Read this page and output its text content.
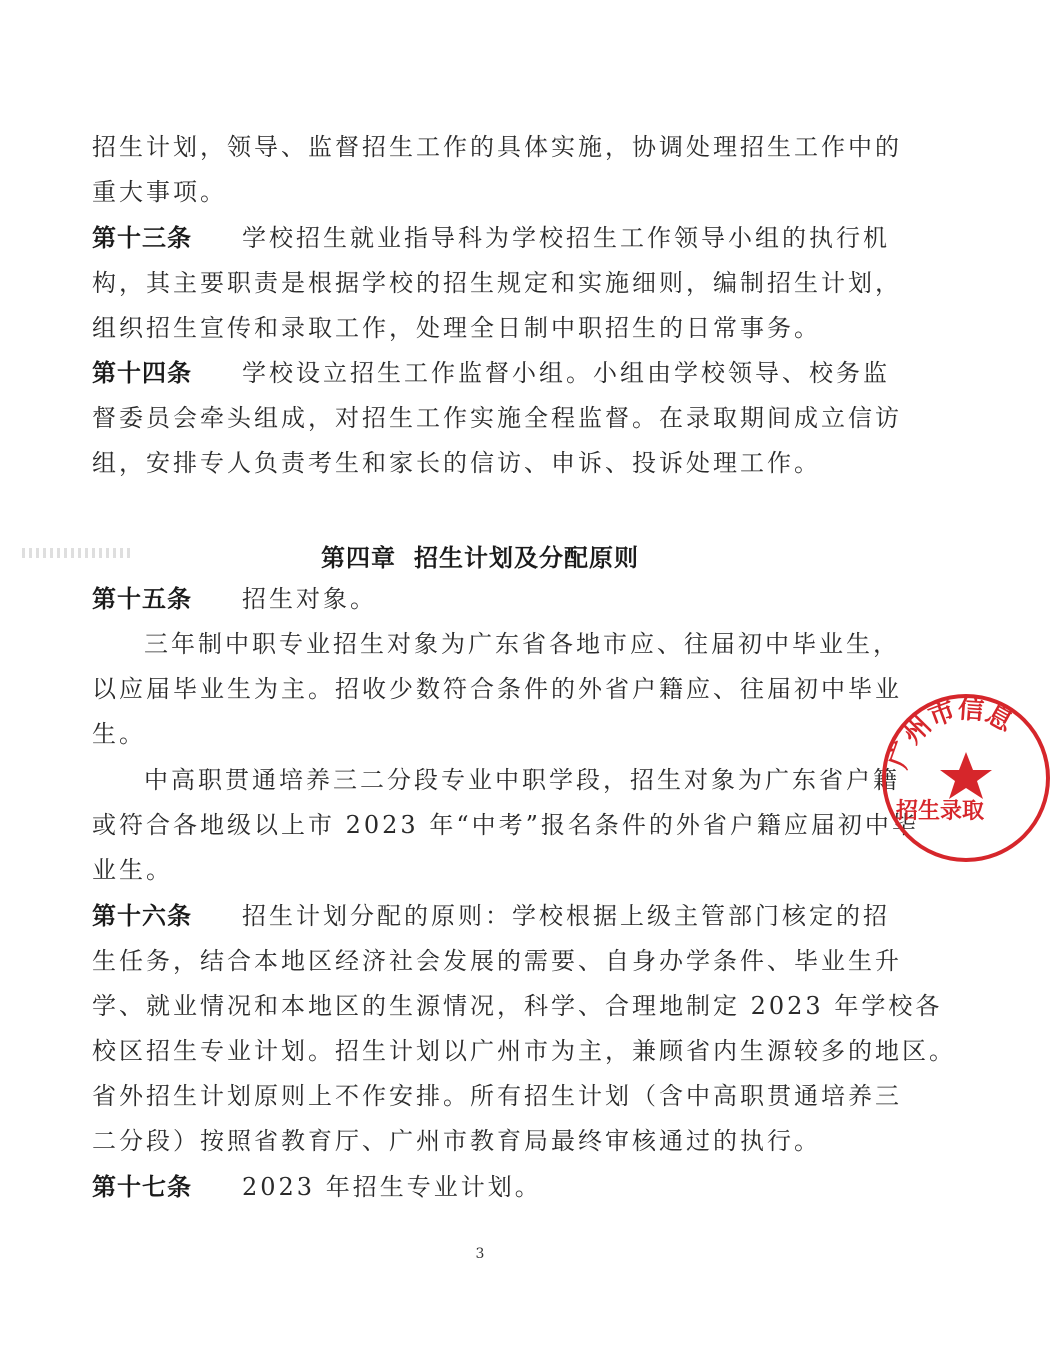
招生计划，领导、监督招生工作的具体实施，协调处理招生工作中的
重大事项。
第十三条 学校招生就业指导科为学校招生工作领导小组的执行机
构，其主要职责是根据学校的招生规定和实施细则，编制招生计划，
组织招生宣传和录取工作，处理全日制中职招生的日常事务。
第十四条 学校设立招生工作监督小组。小组由学校领导、校务监
督委员会牵头组成，对招生工作实施全程监督。在录取期间成立信访
组，安排专人负责考生和家长的信访、申诉、投诉处理工作。
第四章 招生计划及分配原则
第十五条 招生对象。
三年制中职专业招生对象为广东省各地市应、往届初中毕业生，
以应届毕业生为主。招收少数符合条件的外省户籍应、往届初中毕业
生。
中高职贯通培养三二分段专业中职学段，招生对象为广东省户籍
或符合各地级以上市 2023 年“中考”报名条件的外省户籍应届初中毕
业生。
第十六条 招生计划分配的原则：学校根据上级主管部门核定的招
生任务，结合本地区经济社会发展的需要、自身办学条件、毕业生升
学、就业情况和本地区的生源情况，科学、合理地制定 2023 年学校各
校区招生专业计划。招生计划以广州市为主，兼顾省内生源较多的地区。
省外招生计划原则上不作安排。所有招生计划（含中高职贯通培养三
二分段）按照省教育厅、广州市教育局最终审核通过的执行。
第十七条 2023 年招生专业计划。
3
广州市信息
招生录取
